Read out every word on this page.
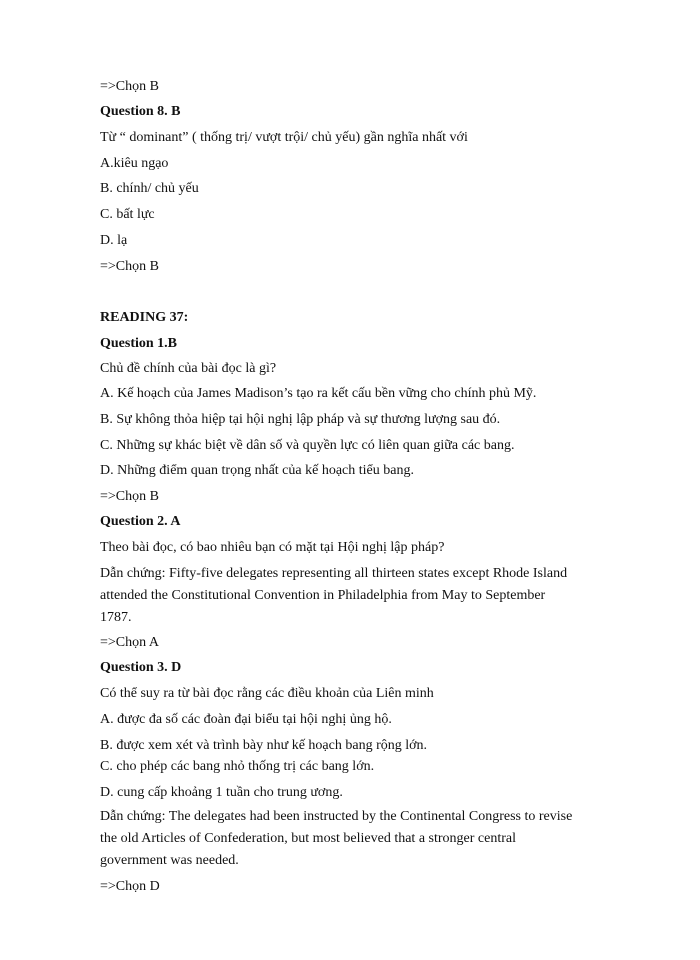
=>Chọn B
Question 8. B
Từ “ dominant” ( thống trị/ vượt trội/ chủ yếu) gần nghĩa nhất với
A.kiêu ngạo
B. chính/ chủ yếu
C. bất lực
D. lạ
=>Chọn B
READING 37:
Question 1.B
Chủ đề chính của bài đọc là gì?
A. Kế hoạch của James Madison’s tạo ra kết cấu bền vững cho chính phủ Mỹ.
B. Sự không thỏa hiệp tại hội nghị lập pháp và sự thương lượng sau đó.
C. Những sự khác biệt về dân số và quyền lực có liên quan giữa các bang.
D. Những điểm quan trọng nhất của kế hoạch tiểu bang.
=>Chọn B
Question 2. A
Theo bài đọc, có bao nhiêu bạn có mặt tại Hội nghị lập pháp?
Dẫn chứng: Fifty-five delegates representing all thirteen states except Rhode Island
attended the Constitutional Convention in Philadelphia from May to September
1787.
=>Chọn A
Question 3. D
Có thể suy ra từ bài đọc rằng các điều khoản của Liên minh
A. được đa số các đoàn đại biểu tại hội nghị ủng hộ.
B. được xem xét và trình bày như kế hoạch bang rộng lớn.
C. cho phép các bang nhỏ thống trị các bang lớn.
D. cung cấp khoảng 1 tuần cho trung ương.
Dẫn chứng: The delegates had been instructed by the Continental Congress to revise
the old Articles of Confederation, but most believed that a stronger central
government was needed.
=>Chọn D
